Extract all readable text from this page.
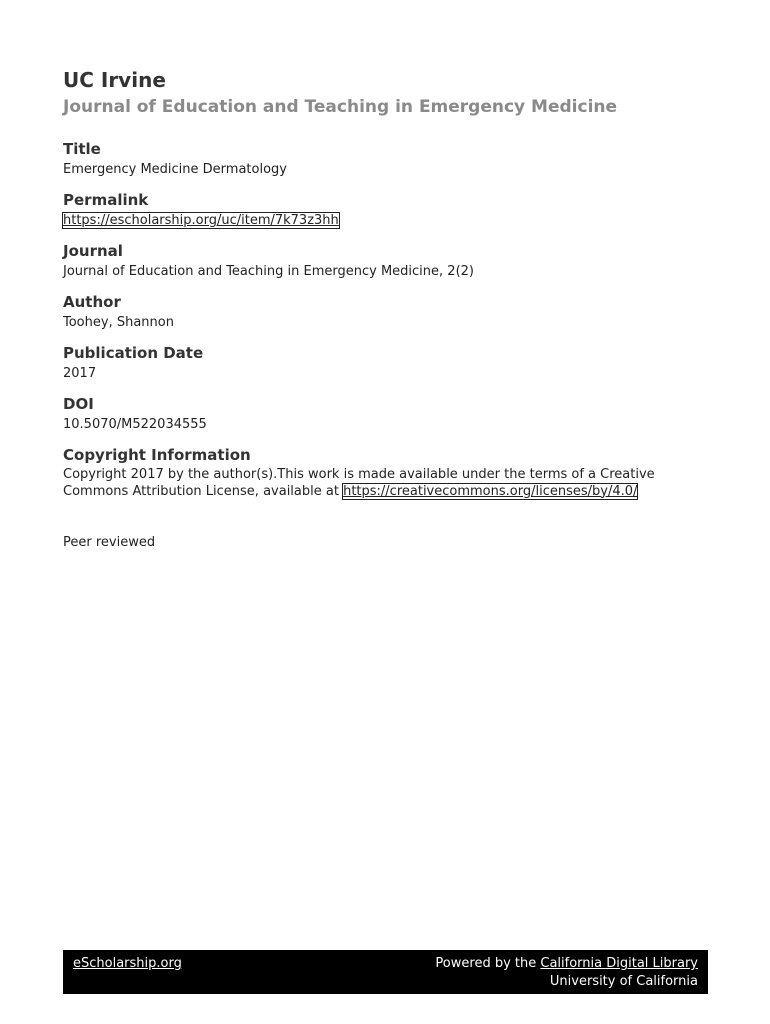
UC Irvine
Journal of Education and Teaching in Emergency Medicine
Title
Emergency Medicine Dermatology
Permalink
https://escholarship.org/uc/item/7k73z3hh
Journal
Journal of Education and Teaching in Emergency Medicine, 2(2)
Author
Toohey, Shannon
Publication Date
2017
DOI
10.5070/M522034555
Copyright Information
Copyright 2017 by the author(s).This work is made available under the terms of a Creative Commons Attribution License, available at https://creativecommons.org/licenses/by/4.0/
Peer reviewed
eScholarship.org	Powered by the California Digital Library
University of California
